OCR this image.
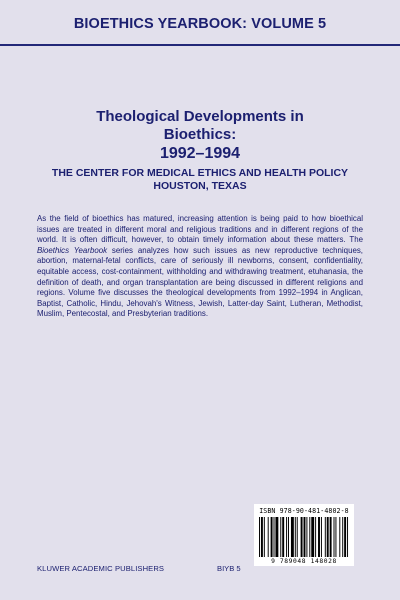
BIOETHICS YEARBOOK: VOLUME 5
Theological Developments in
Bioethics:
1992–1994
THE CENTER FOR MEDICAL ETHICS AND HEALTH POLICY
HOUSTON, TEXAS
As the field of bioethics has matured, increasing attention is being paid to how bioethical issues are treated in different moral and religious traditions and in different regions of the world. It is often difficult, however, to obtain timely information about these matters. The Bioethics Yearbook series analyzes how such issues as new reproductive techniques, abortion, maternal-fetal conflicts, care of seriously ill newborns, consent, confidentiality, equitable access, cost-containment, withholding and withdrawing treatment, etuhanasia, the definition of death, and organ transplantation are being discussed in different religions and regions. Volume five discusses the theological developments from 1992–1994 in Anglican, Baptist, Catholic, Hindu, Jehovah's Witness, Jewish, Latter-day Saint, Lutheran, Methodist, Muslim, Pentecostal, and Presbyterian traditions.
ISBN 978-90-481-4802-8
9 789048 148028
KLUWER ACADEMIC PUBLISHERS	BIYB 5
